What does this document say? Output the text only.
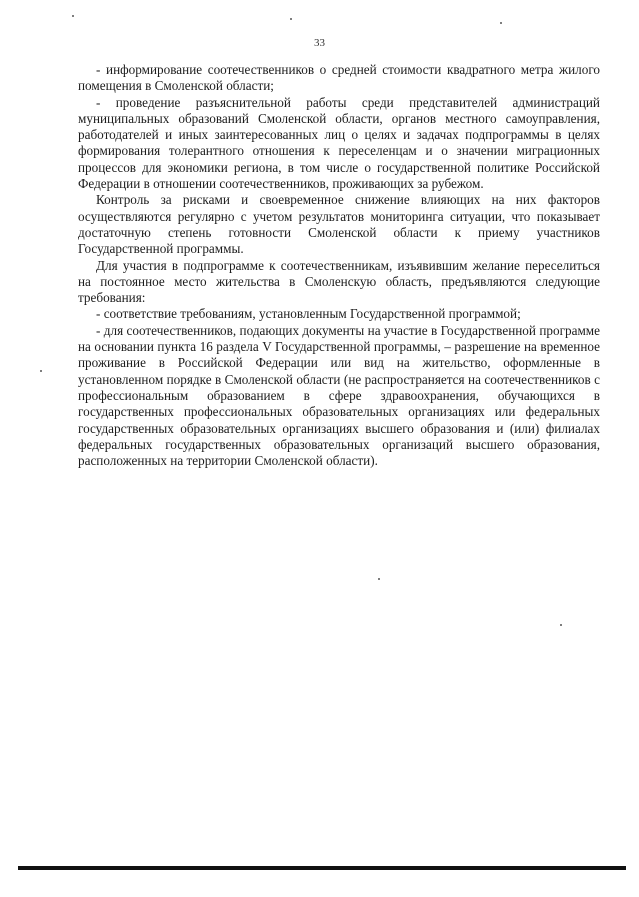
33

- информирование соотечественников о средней стоимости квадратного метра жилого помещения в Смоленской области;

- проведение разъяснительной работы среди представителей администраций муниципальных образований Смоленской области, органов местного самоуправления, работодателей и иных заинтересованных лиц о целях и задачах подпрограммы в целях формирования толерантного отношения к переселенцам и о значении миграционных процессов для экономики региона, в том числе о государственной политике Российской Федерации в отношении соотечественников, проживающих за рубежом.

Контроль за рисками и своевременное снижение влияющих на них факторов осуществляются регулярно с учетом результатов мониторинга ситуации, что показывает достаточную степень готовности Смоленской области к приему участников Государственной программы.

Для участия в подпрограмме к соотечественникам, изъявившим желание переселиться на постоянное место жительства в Смоленскую область, предъявляются следующие требования:

- соответствие требованиям, установленным Государственной программой;

- для соотечественников, подающих документы на участие в Государственной программе на основании пункта 16 раздела V Государственной программы, – разрешение на временное проживание в Российской Федерации или вид на жительство, оформленные в установленном порядке в Смоленской области (не распространяется на соотечественников с профессиональным образованием в сфере здравоохранения, обучающихся в государственных профессиональных образовательных организациях или федеральных государственных образовательных организациях высшего образования и (или) филиалах федеральных государственных образовательных организаций высшего образования, расположенных на территории Смоленской области).
